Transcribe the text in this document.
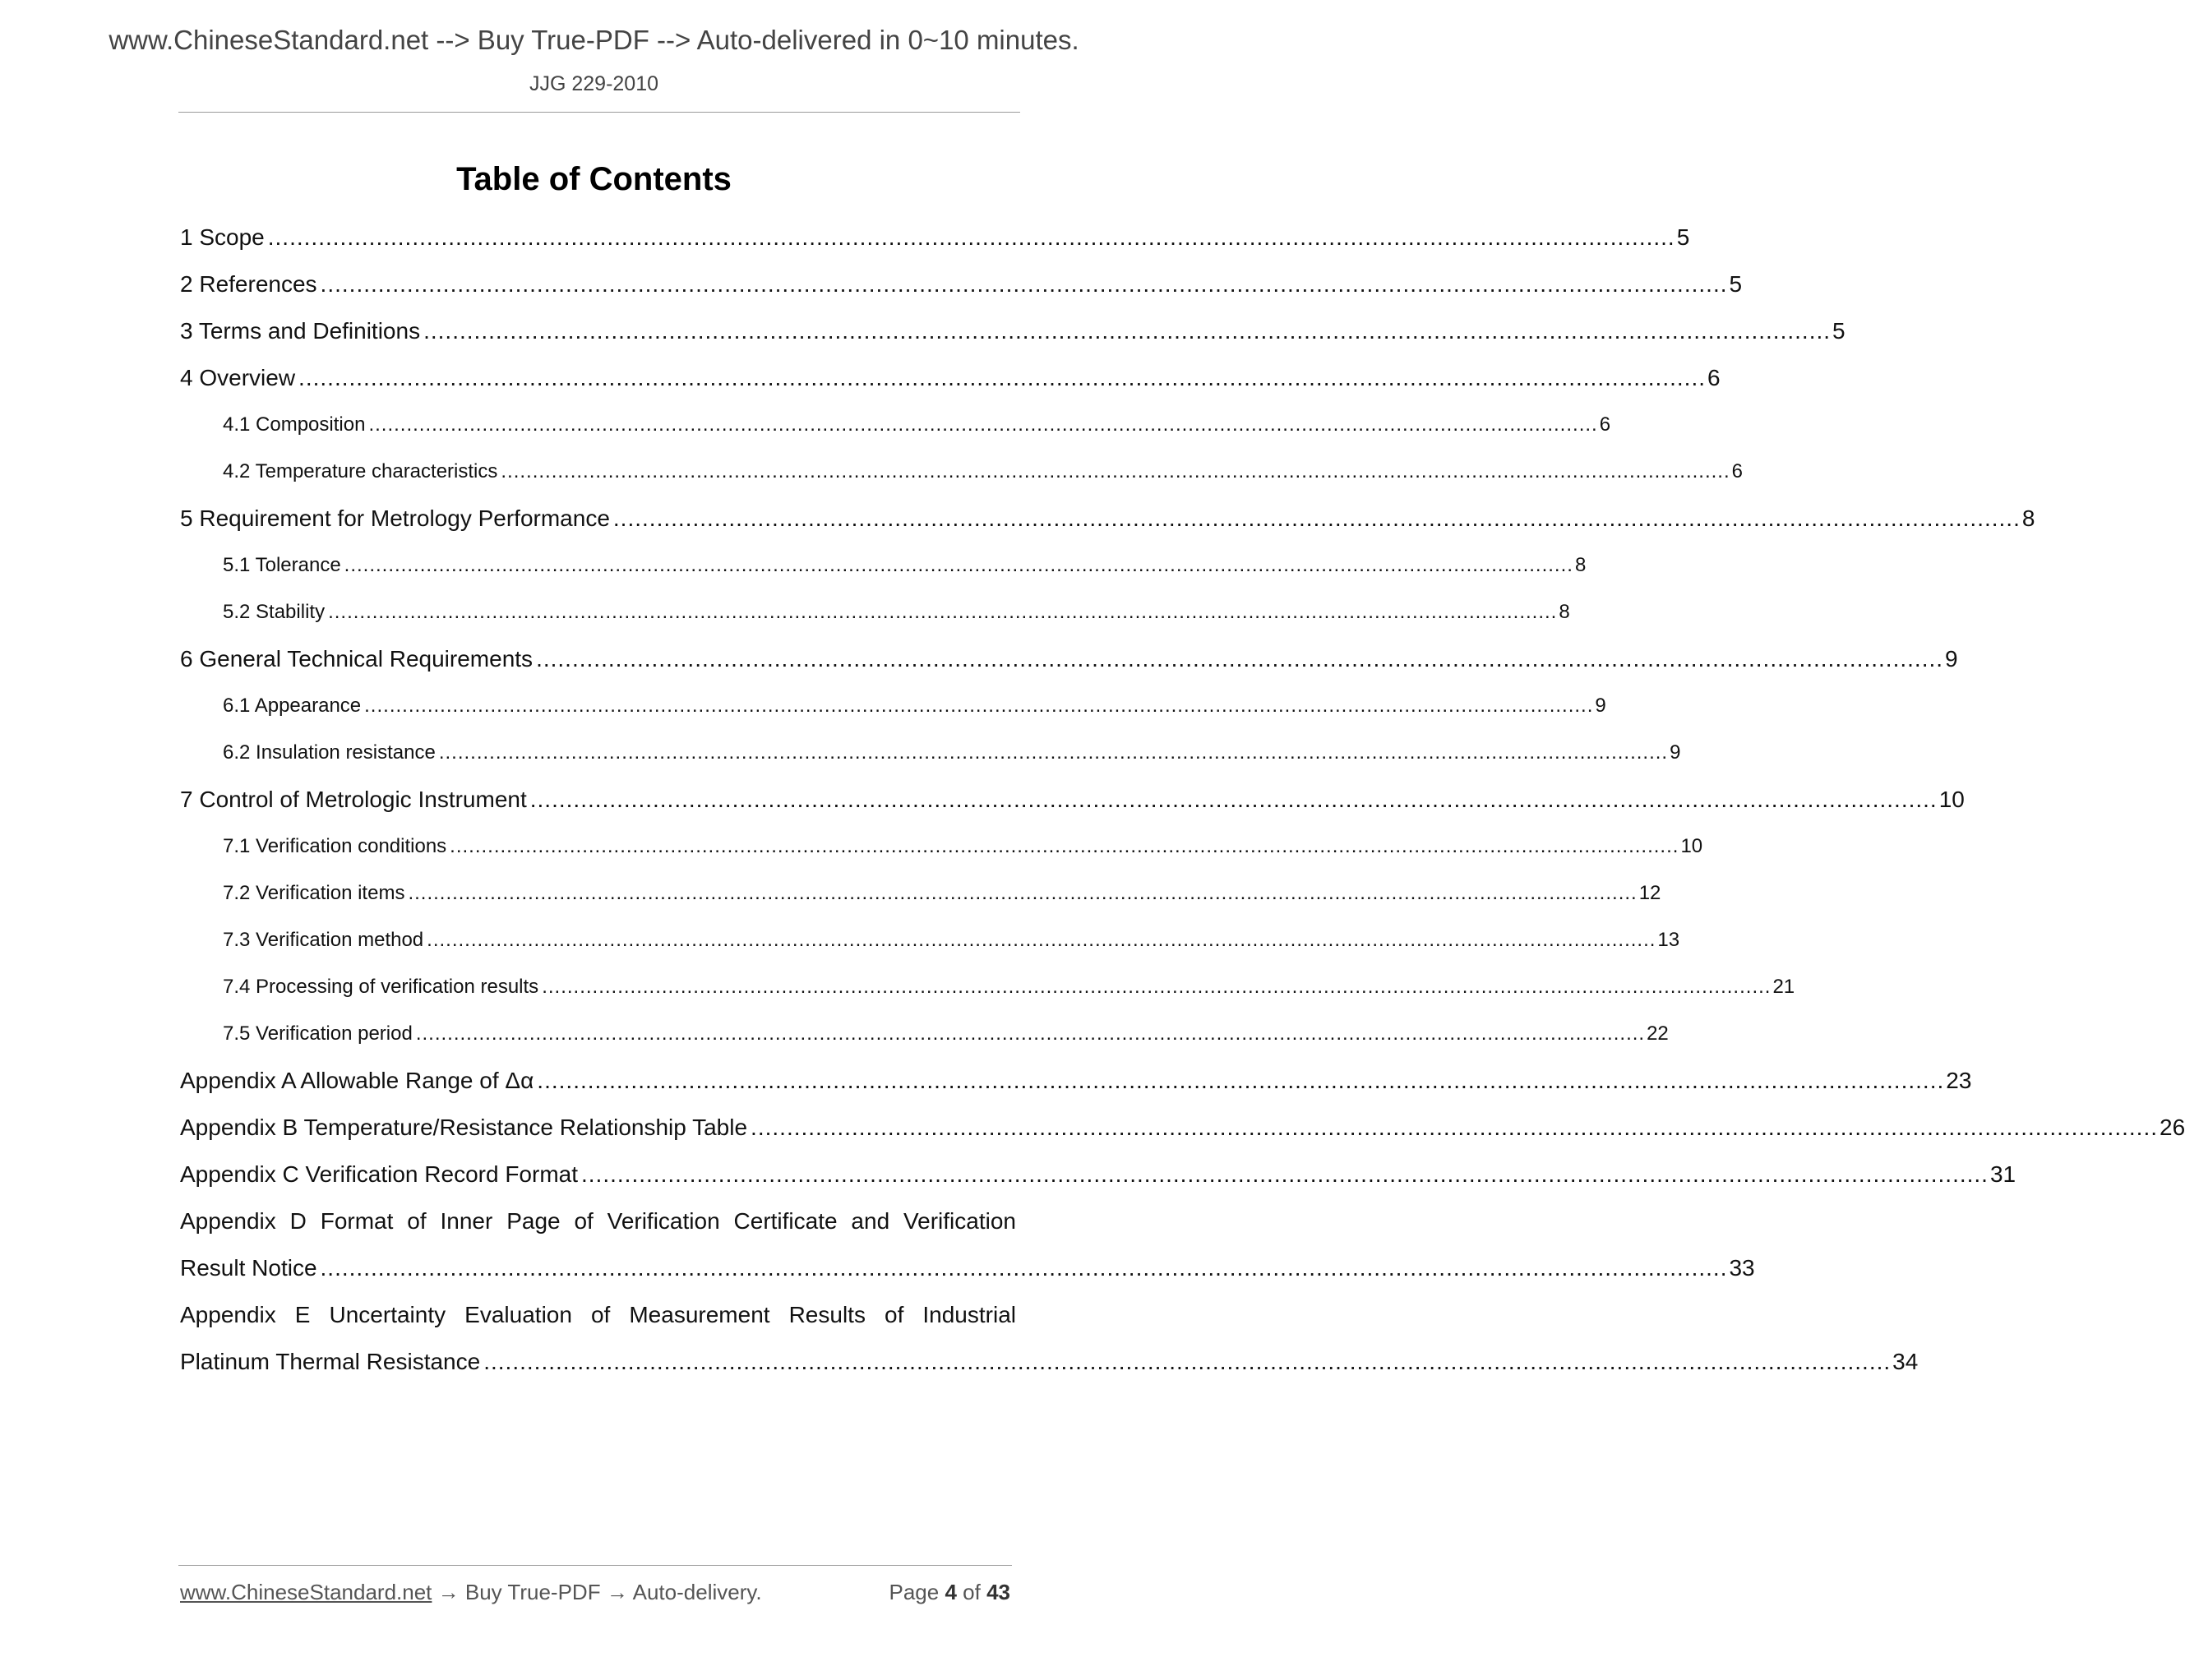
www.ChineseStandard.net --> Buy True-PDF --> Auto-delivered in 0~10 minutes.
JJG 229-2010
Table of Contents
1 Scope ................................................................................................................................................................................................... 5
2 References ................................................................................................................................................................................................... 5
3 Terms and Definitions ................................................................................................................................................................................................... 5
4 Overview ................................................................................................................................................................................................... 6
4.1 Composition ................................................................................................................................................................................................... 6
4.2 Temperature characteristics ................................................................................................................................................................................................... 6
5 Requirement for Metrology Performance ................................................................................................................................................................................................... 8
5.1 Tolerance ................................................................................................................................................................................................... 8
5.2 Stability ................................................................................................................................................................................................... 8
6 General Technical Requirements ................................................................................................................................................................................................... 9
6.1 Appearance ................................................................................................................................................................................................... 9
6.2 Insulation resistance ................................................................................................................................................................................................... 9
7 Control of Metrologic Instrument ................................................................................................................................................................................................... 10
7.1 Verification conditions ................................................................................................................................................................................................... 10
7.2 Verification items ................................................................................................................................................................................................... 12
7.3 Verification method ................................................................................................................................................................................................... 13
7.4 Processing of verification results ................................................................................................................................................................................................... 21
7.5 Verification period ................................................................................................................................................................................................... 22
Appendix A Allowable Range of Δα ................................................................................................................................................................................................... 23
Appendix B Temperature/Resistance Relationship Table ................................................................................................................................................................................................... 26
Appendix C Verification Record Format ................................................................................................................................................................................................... 31
Appendix D Format of Inner Page of Verification Certificate and Verification
Result Notice ................................................................................................................................................................................................... 33
Appendix E Uncertainty Evaluation of Measurement Results of Industrial
Platinum Thermal Resistance ................................................................................................................................................................................................... 34
www.ChineseStandard.net → Buy True-PDF → Auto-delivery.	Page 4 of 43
